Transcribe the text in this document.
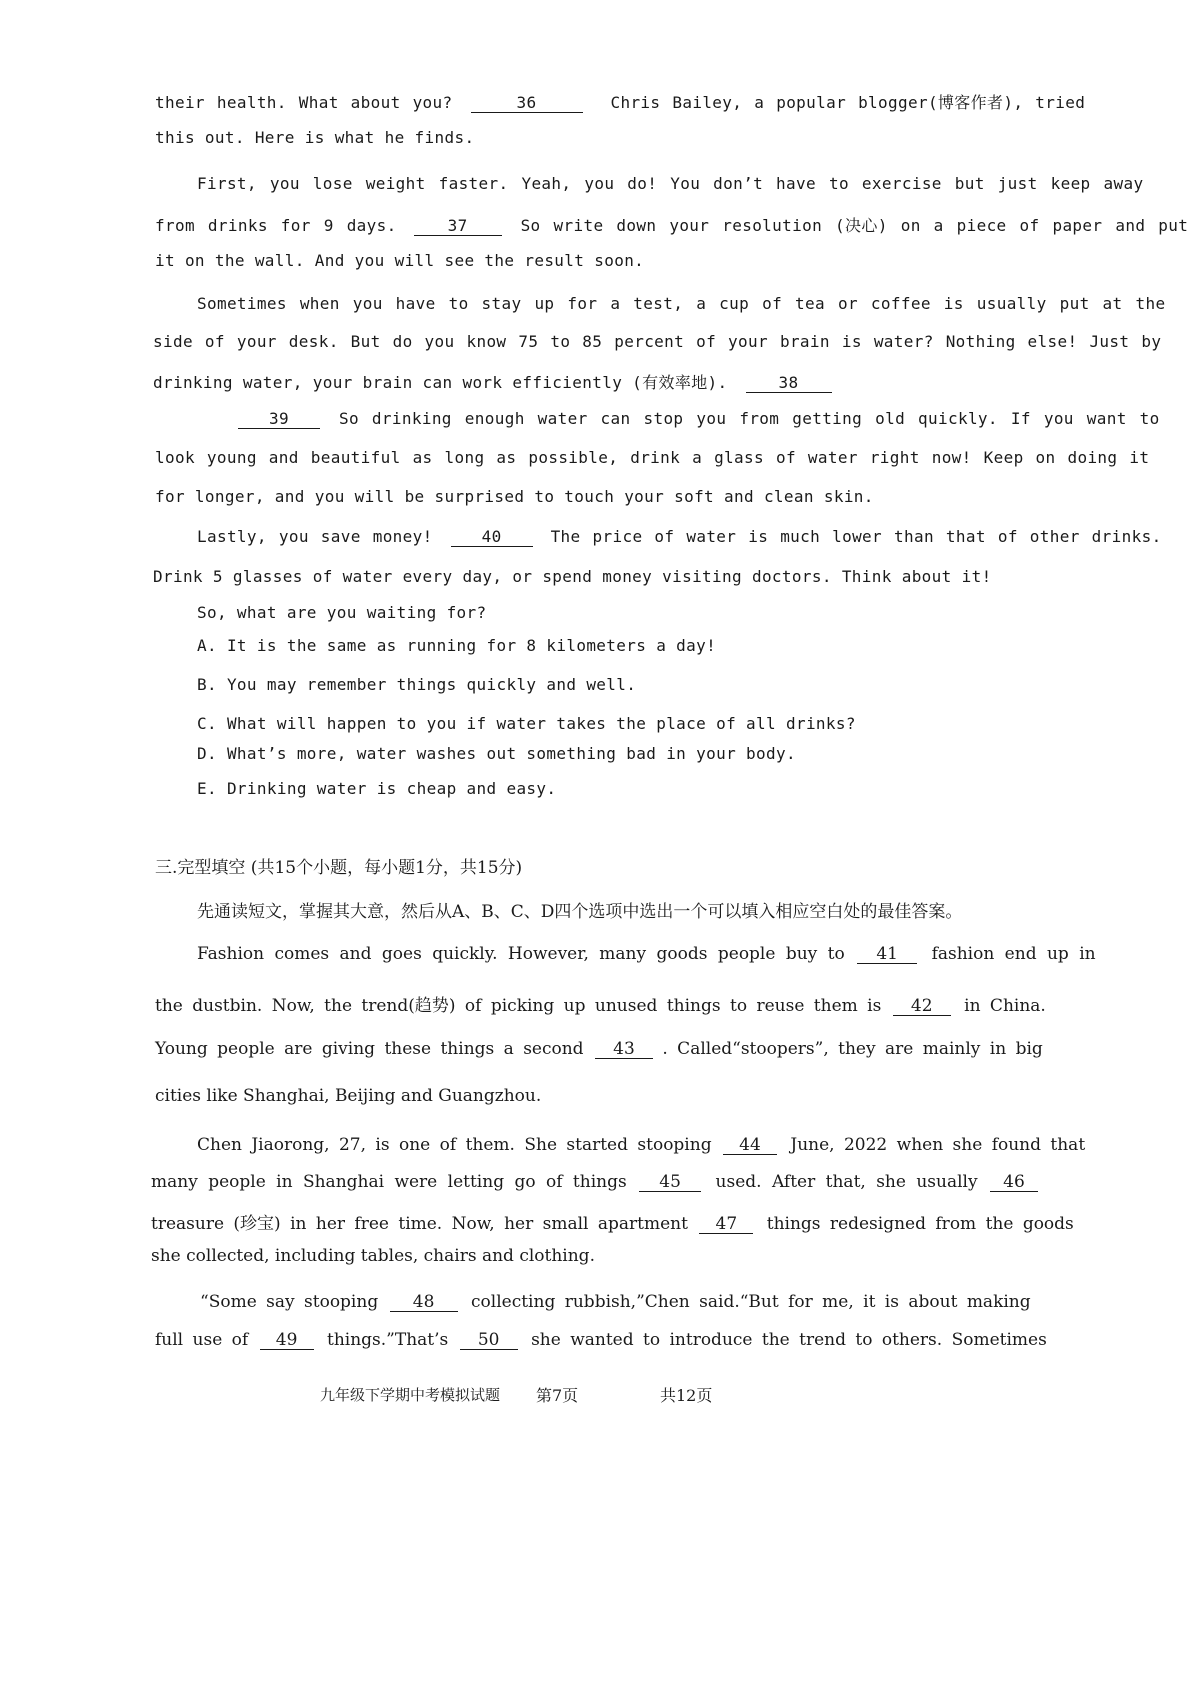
their health. What about you?	36	Chris Bailey, a popular blogger(博客作者), tried
this out. Here is what he finds.
First, you lose weight faster. Yeah, you do! You don’t have to exercise but just keep away
from drinks for 9 days.	37	So write down your resolution (决心) on a piece of paper and put
it on the wall. And you will see the result soon.
Sometimes when you have to stay up for a test, a cup of tea or coffee is usually put at the
side of your desk. But do you know 75 to 85 percent of your brain is water? Nothing else! Just by
drinking water, your brain can work efficiently (有效率地).	38
39	So drinking enough water can stop you from getting old quickly. If you want to
look young and beautiful as long as possible, drink a glass of water right now! Keep on doing it
for longer, and you will be surprised to touch your soft and clean skin.
Lastly, you save money!	40	The price of water is much lower than that of other drinks.
Drink 5 glasses of water every day, or spend money visiting doctors. Think about it!
So, what are you waiting for?
A. It is the same as running for 8 kilometers a day!
B. You may remember things quickly and well.
C. What will happen to you if water takes the place of all drinks?
D. What’s more, water washes out something bad in your body.
E. Drinking water is cheap and easy.
三.完型填空 (共15个小题，每小题1分，共15分)
先通读短文，掌握其大意，然后从A、B、C、D四个选项中选出一个可以填入相应空白处的最佳答案。
Fashion comes and goes quickly. However, many goods people buy to 41 fashion end up in
the dustbin. Now, the trend(趋势) of picking up unused things to reuse them is 42 in China.
Young people are giving these things a second 43 . Called“stoopers”, they are mainly in big
cities like Shanghai, Beijing and Guangzhou.
Chen Jiaorong, 27, is one of them. She started stooping 44 June, 2022 when she found that
many people in Shanghai were letting go of things 45 used. After that, she usually 46
treasure (珍宝) in her free time. Now, her small apartment 47 things redesigned from the goods
she collected, including tables, chairs and clothing.
“Some say stooping 48 collecting rubbish,”Chen said.“But for me, it is about making
full use of 49 things.”That’s 50 she wanted to introduce the trend to others. Sometimes
九年级下学期中考模拟试题 第7页	共12页
